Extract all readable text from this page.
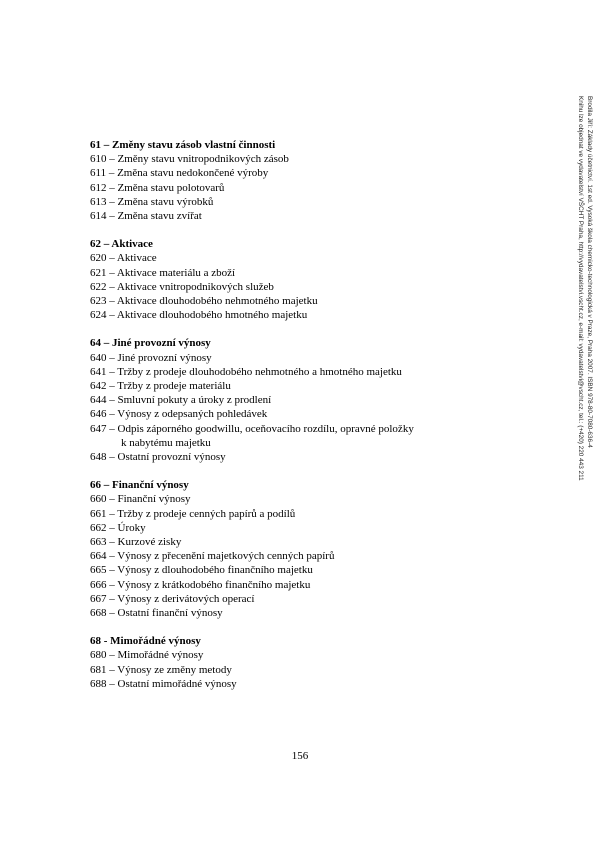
Brodila Jiří: Základy účetnictví. 1st ed. Vysoká škola chemicko-technologická v Praze, Praha 2007. ISBN 978-80-7080-636-4
Knihu lze objednat ve vydavatelství VŠCHT Praha, http://vydavatelstvi.vscht.cz, e-mail: vydavatelstvi@vscht.cz, tel.: (+420) 220 443 211
61 – Změny stavu zásob vlastní činnosti
610 – Změny stavu vnitropodnikových zásob
611 – Změna stavu nedokončené výroby
612 – Změna stavu polotovarů
613 – Změna stavu výrobků
614 – Změna stavu zvířat
62 – Aktivace
620 – Aktivace
621 – Aktivace materiálu a zboží
622 – Aktivace vnitropodnikových služeb
623 – Aktivace dlouhodobého nehmotného majetku
624 – Aktivace dlouhodobého hmotného majetku
64 – Jiné provozní výnosy
640 – Jiné provozní výnosy
641 – Tržby z prodeje dlouhodobého nehmotného a hmotného majetku
642 – Tržby z prodeje materiálu
644 – Smluvní pokuty a úroky z prodlení
646 – Výnosy z odepsaných pohledávek
647 – Odpis záporného goodwillu, oceňovacího rozdílu, opravné položky
k nabytému majetku
648 – Ostatní provozní výnosy
66 – Finanční výnosy
660 – Finanční výnosy
661 – Tržby z prodeje cenných papírů a podílů
662 – Úroky
663 – Kurzové zisky
664 – Výnosy z přecenění majetkových cenných papírů
665 – Výnosy z dlouhodobého finančního majetku
666 – Výnosy z krátkodobého finančního majetku
667 – Výnosy z derivátových operací
668 – Ostatní finanční výnosy
68 - Mimořádné výnosy
680 – Mimořádné výnosy
681 – Výnosy ze změny metody
688 – Ostatní mimořádné výnosy
156
